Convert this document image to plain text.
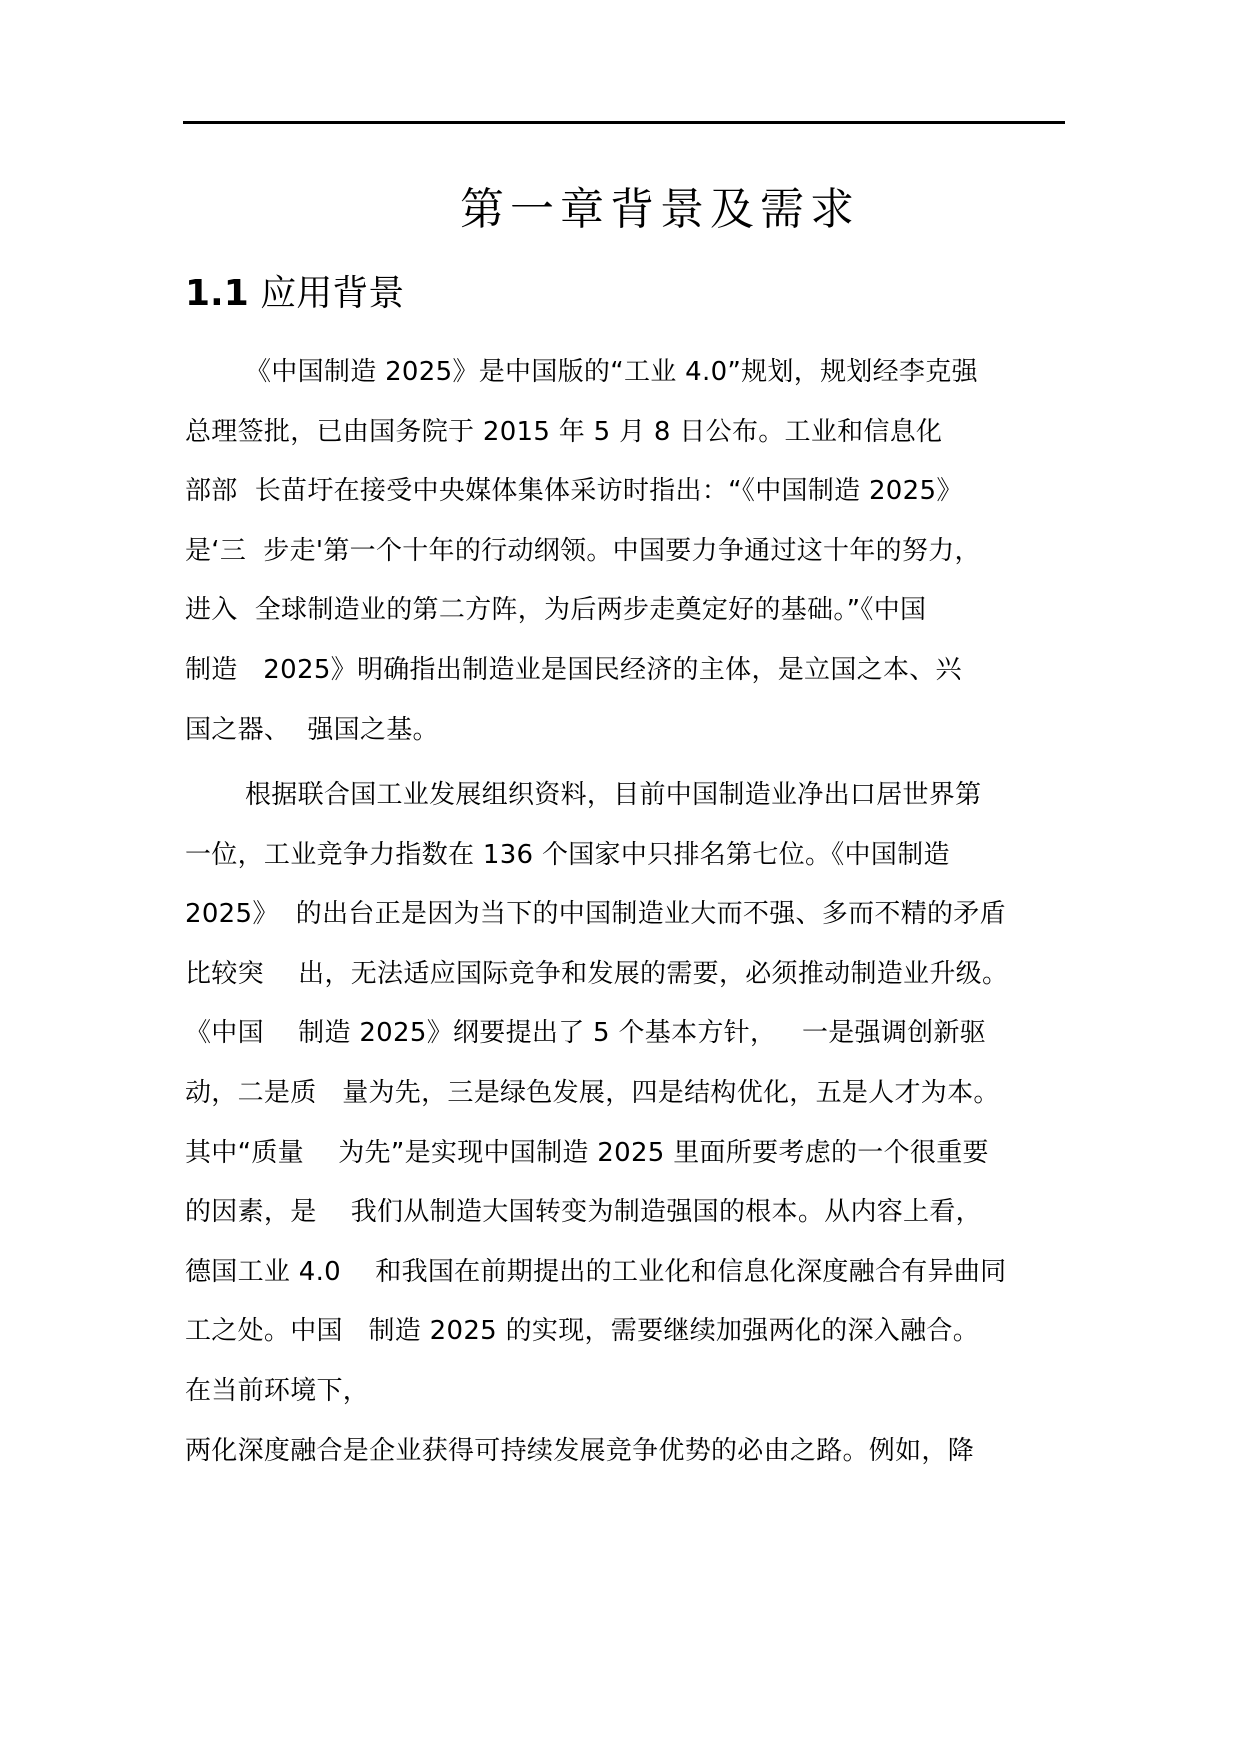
第一章背景及需求
1.1 应用背景
《中国制造 2025》是中国版的“工业 4.0”规划，规划经李克强
总理签批，已由国务院于 2015 年 5 月 8 日公布。工业和信息化
部部  长苗圩在接受中央媒体集体采访时指出：“《中国制造 2025》
是‘三  步走'第一个十年的行动纲领。中国要力争通过这十年的努力，
进入  全球制造业的第二方阵，为后两步走奠定好的基础。”《中国
制造   2025》明确指出制造业是国民经济的主体，是立国之本、兴
国之器、  强国之基。
根据联合国工业发展组织资料，目前中国制造业净出口居世界第
一位，工业竞争力指数在 136 个国家中只排名第七位。《中国制造
2025》  的出台正是因为当下的中国制造业大而不强、多而不精的矛盾
比较突    出，无法适应国际竞争和发展的需要，必须推动制造业升级。
《中国    制造 2025》纲要提出了 5 个基本方针，   一是强调创新驱
动，二是质   量为先，三是绿色发展，四是结构优化，五是人才为本。
其中“质量    为先”是实现中国制造 2025 里面所要考虑的一个很重要
的因素，是    我们从制造大国转变为制造强国的根本。从内容上看，
德国工业 4.0    和我国在前期提出的工业化和信息化深度融合有异曲同
工之处。中国   制造 2025 的实现，需要继续加强两化的深入融合。
在当前环境下，
两化深度融合是企业获得可持续发展竞争优势的必由之路。例如，降
